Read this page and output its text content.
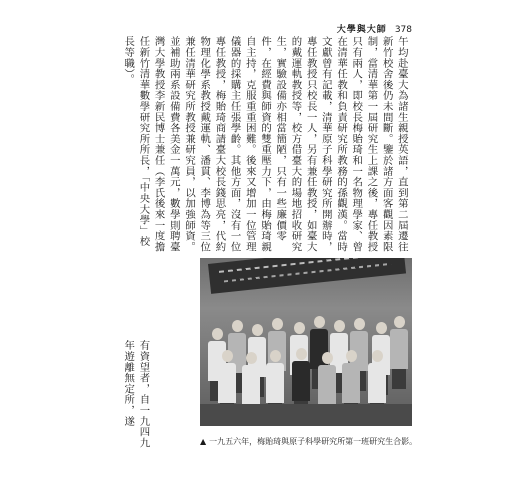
大學與大師 378
午均赴臺大為諸生親授英語，直到第二屆遷往新竹校舍後仍未間斷。鑒於諸方面客觀因素限制，當清華第一屆研究生上課之後，專任教授只有兩人，即校長梅貽琦和一名物理學家、曾在清華任教和負責研究所教務的孫觀漢。當時文獻曾有記載，清華原子科學研究所開辦時，專任教授只校長一人，另有兼任教授，如臺大的戴運軌教授等，校方借臺大的場地招收研究生，實驗設備亦相當簡陋，只有一些廉價零件，在經費與師資的雙重壓力下，由梅貽琦親自主持，克服重重困難。後來又增加一位管理儀器的採購主任張學齡。其他方面，沒有一位專任教授，梅貽琦商請臺大校長錢思亮，代約物理化學系教授戴運軌、潘貫、李博為等三位兼任清華研究所教授兼研究員，以加強師資。並補助兩系設備費各美金一萬元，數學則聘臺灣大學教授李新民博士兼任（李氏後來一度擔任新竹清華數學研究所所長，「中央大學」校長等職）。
有資望者，自一九四九年遊離無定所，遂
▲ 一九五六年，梅貽琦與原子科學研究所第一班研究生合影。
